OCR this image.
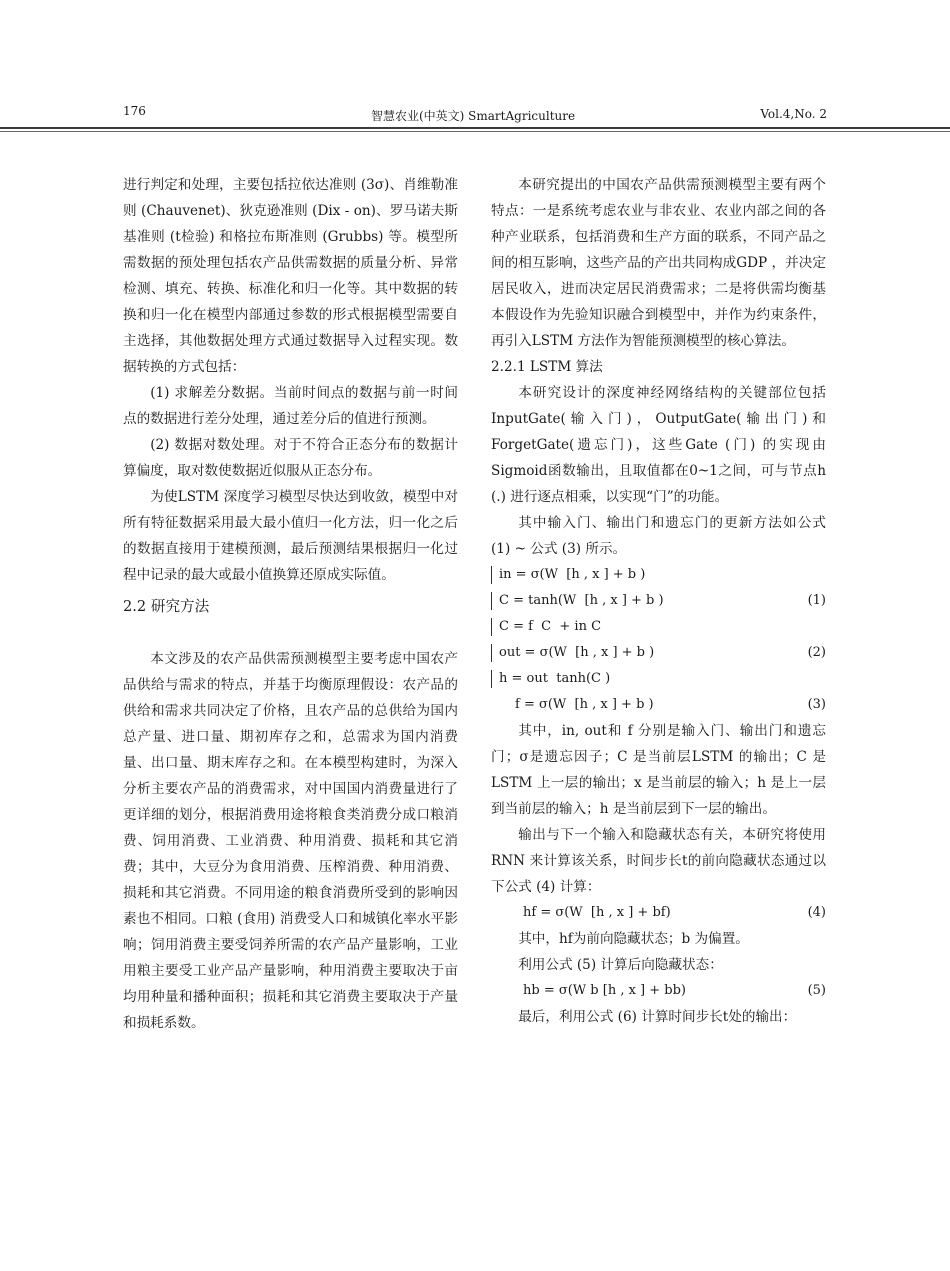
176	智慧农业(中英文) SmartAgriculture	Vol.4,No. 2

进行判定和处理，主要包括拉依达准则 (3σ)、肖维勒准则 (Chauvenet)、狄克逊准则 (Dix - on)、罗马诺夫斯基准则 (t检验) 和格拉布斯准则 (Grubbs) 等。模型所需数据的预处理包括农产品供需数据的质量分析、异常检测、填充、转换、标准化和归一化等。其中数据的转换和归一化在模型内部通过参数的形式根据模型需要自主选择，其他数据处理方式通过数据导入过程实现。数据转换的方式包括：

(1) 求解差分数据。当前时间点的数据与前一时间点的数据进行差分处理，通过差分后的值进行预测。

(2) 数据对数处理。对于不符合正态分布的数据计算偏度，取对数使数据近似服从正态分布。

为使LSTM 深度学习模型尽快达到收敛，模型中对所有特征数据采用最大最小值归一化方法，归一化之后的数据直接用于建模预测，最后预测结果根据归一化过程中记录的最大或最小值换算还原成实际值。

2.2 研究方法

本文涉及的农产品供需预测模型主要考虑中国农产品供给与需求的特点，并基于均衡原理假设：农产品的供给和需求共同决定了价格，且农产品的总供给为国内总产量、进口量、期初库存之和，总需求为国内消费量、出口量、期末库存之和。在本模型构建时，为深入分析主要农产品的消费需求，对中国国内消费量进行了更详细的划分，根据消费用途将粮食类消费分成口粮消费、饲用消费、工业消费、种用消费、损耗和其它消费；其中，大豆分为食用消费、压榨消费、种用消费、损耗和其它消费。不同用途的粮食消费所受到的影响因素也不相同。口粮 (食用) 消费受人口和城镇化率水平影响；饲用消费主要受饲养所需的农产品产量影响，工业用粮主要受工业产品产量影响，种用消费主要取决于亩均用种量和播种面积；损耗和其它消费主要取决于产量和损耗系数。

本研究提出的中国农产品供需预测模型主要有两个特点：一是系统考虑农业与非农业、农业内部之间的各种产业联系，包括消费和生产方面的联系，不同产品之间的相互影响，这些产品的产出共同构成GDP ，并决定居民收入，进而决定居民消费需求；二是将供需均衡基本假设作为先验知识融合到模型中，并作为约束条件，再引入LSTM 方法作为智能预测模型的核心算法。

2.2.1 LSTM 算法

本研究设计的深度神经网络结构的关键部位包括InputGate(输入门)，OutputGate(输出门)和ForgetGate(遗忘门)，这些Gate (门) 的实现由Sigmoid函数输出，且取值都在0~1之间，可与节点h (.) 进行逐点相乘，以实现“门”的功能。

其中输入门、输出门和遗忘门的更新方法如公式 (1) ~ 公式 (3) 所示。

in = σ(W  [h , x ] + b )
C = tanh(W  [h , x ] + b )	(1)
C = f  C  + in C
out = σ(W  [h , x ] + b )	(2)
h = out  tanh(C )
f = σ(W  [h , x ] + b )	(3)

其中，in, out和 f 分别是输入门、输出门和遗忘门；σ是遗忘因子；C 是当前层LSTM 的输出；C 是LSTM 上一层的输出；x 是当前层的输入；h 是上一层到当前层的输入；h 是当前层到下一层的输出。

输出与下一个输入和隐藏状态有关，本研究将使用RNN 来计算该关系，时间步长t的前向隐藏状态通过以下公式 (4) 计算：

hf = σ(W  [h , x ] + bf)	(4)

其中，hf为前向隐藏状态；b 为偏置。

利用公式 (5) 计算后向隐藏状态：

hb = σ(W b [h , x ] + bb)	(5)

最后，利用公式 (6) 计算时间步长t处的输出：
